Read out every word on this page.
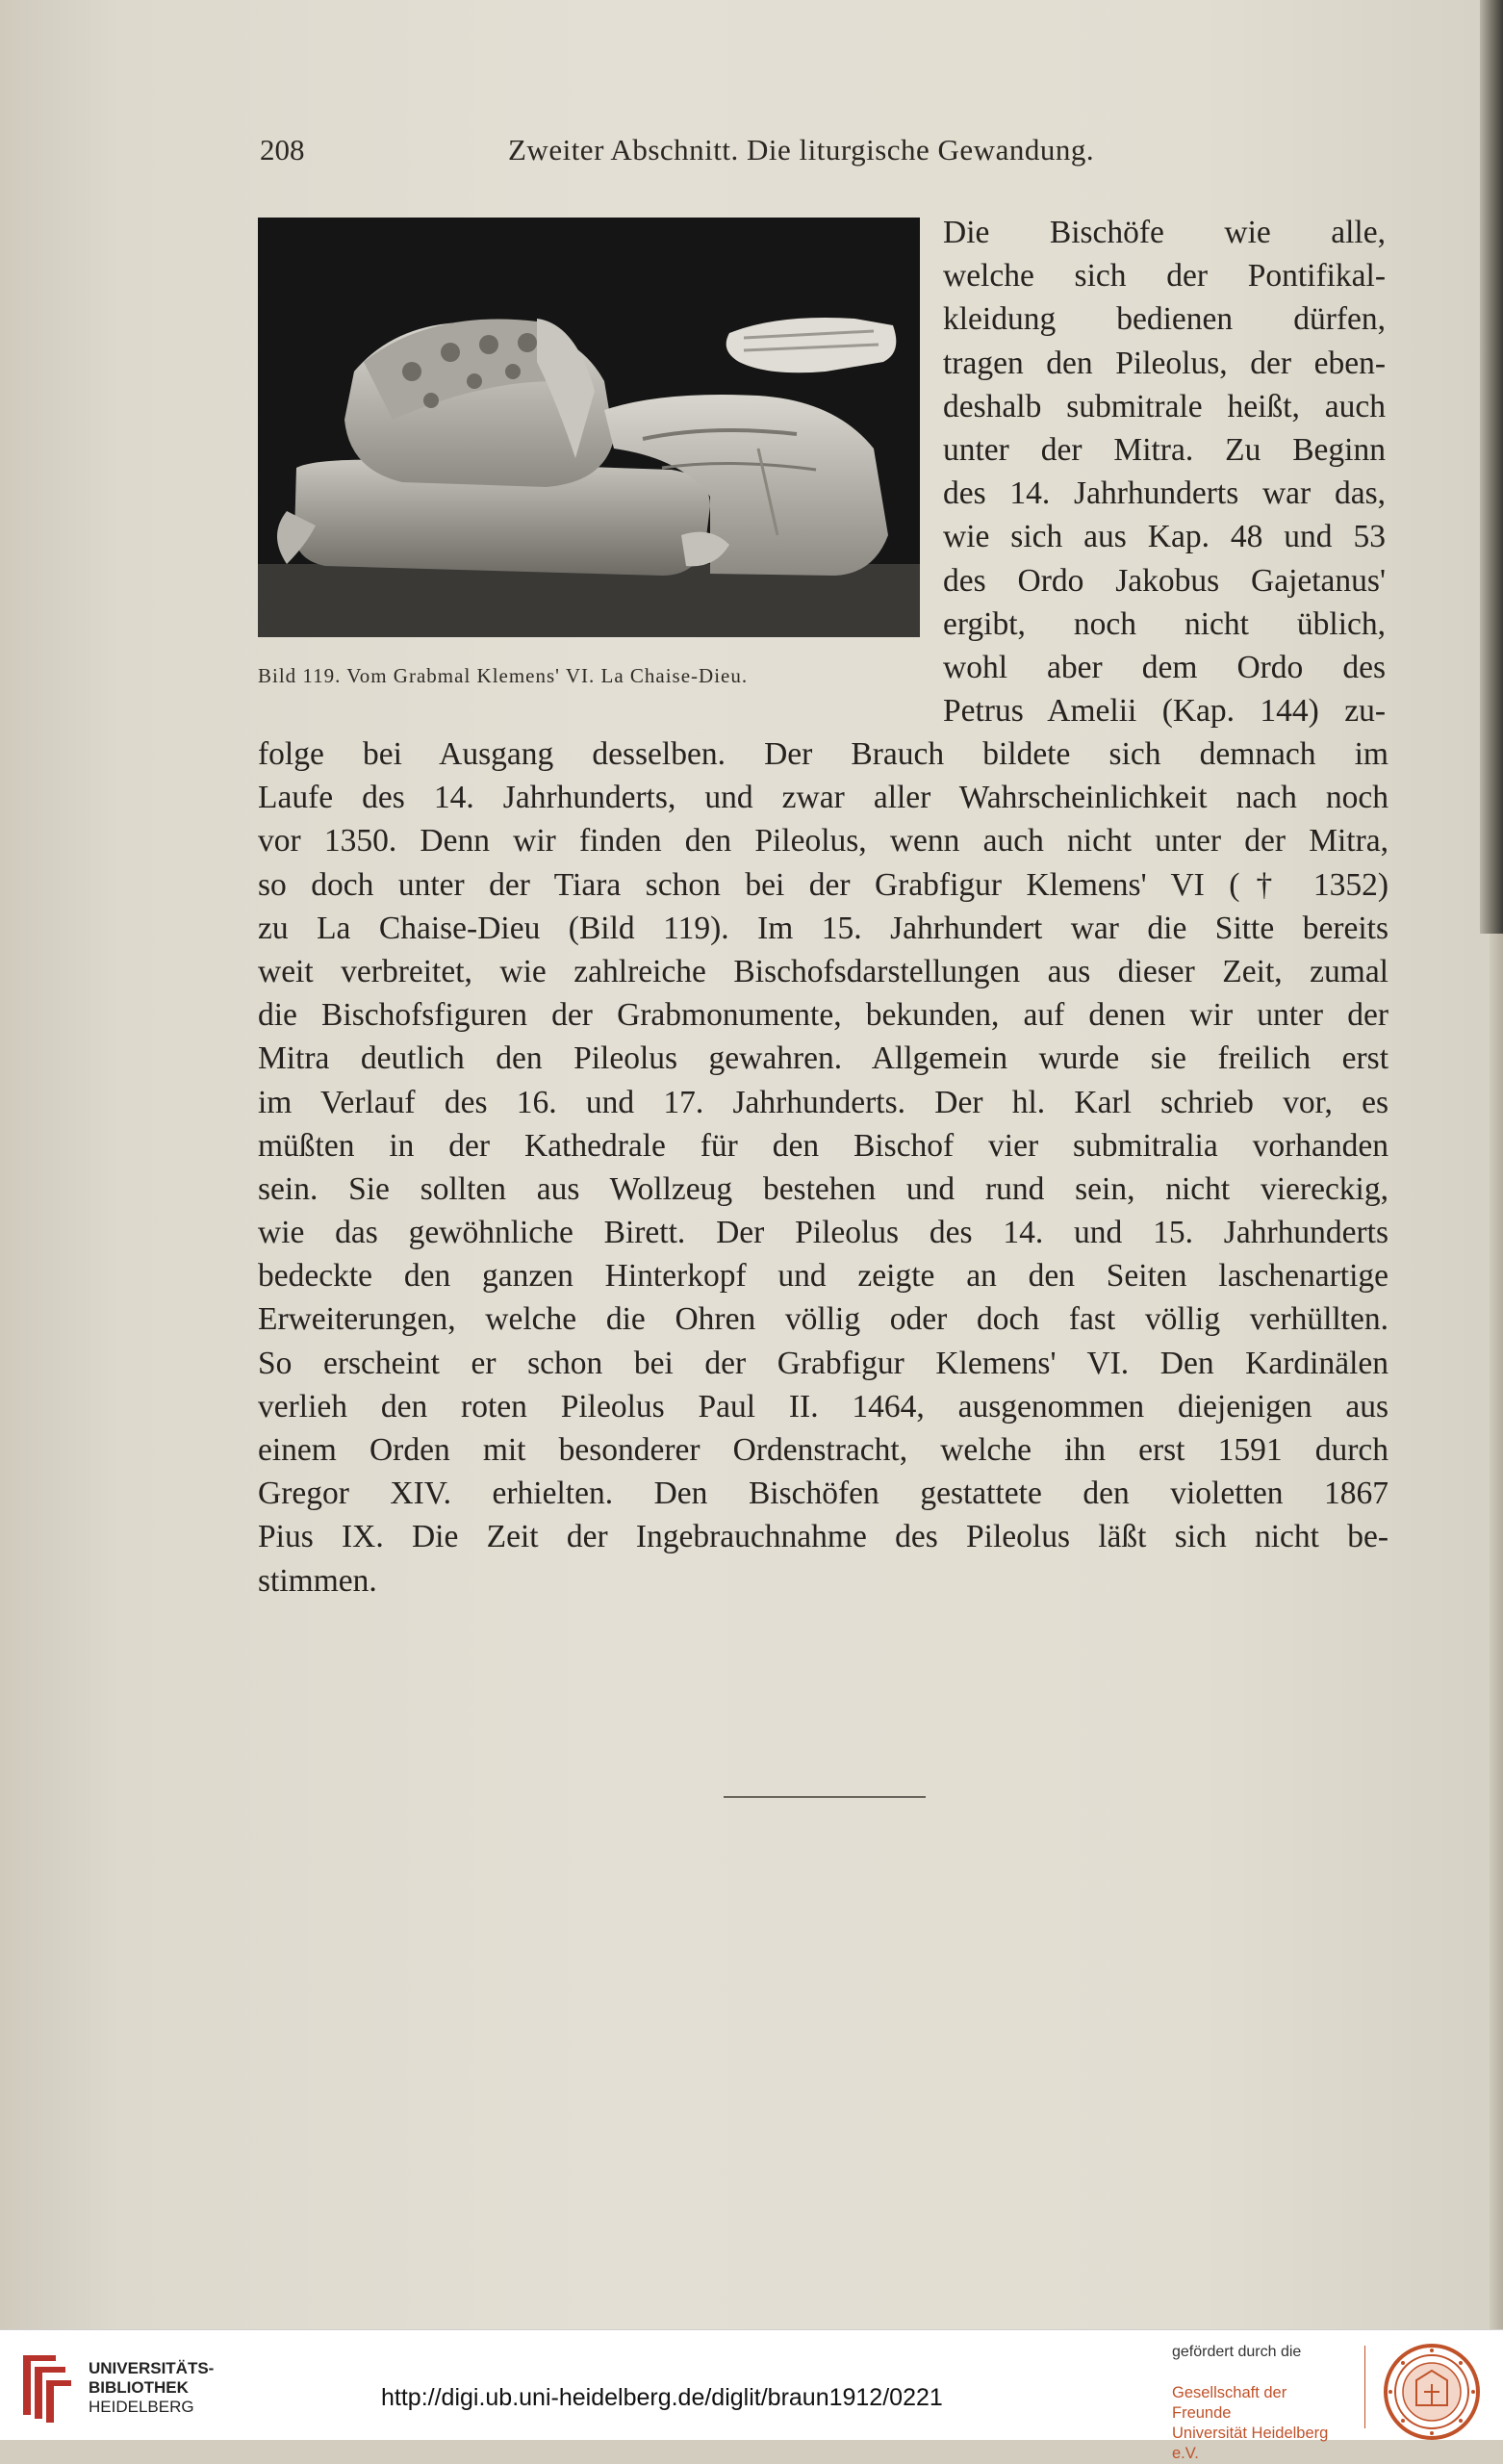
208	Zweiter Abschnitt. Die liturgische Gewandung.
Bild 119. Vom Grabmal Klemens' VI. La Chaise-Dieu.
Die Bischöfe wie alle,
welche sich der Pontifikal-
kleidung bedienen dürfen,
tragen den Pileolus, der eben-
deshalb submitrale heißt, auch
unter der Mitra. Zu Beginn
des 14. Jahrhunderts war das,
wie sich aus Kap. 48 und 53
des Ordo Jakobus Gajetanus'
ergibt, noch nicht üblich,
wohl aber dem Ordo des
Petrus Amelii (Kap. 144) zu-
folge bei Ausgang desselben. Der Brauch bildete sich demnach im
Laufe des 14. Jahrhunderts, und zwar aller Wahrscheinlichkeit nach noch
vor 1350. Denn wir finden den Pileolus, wenn auch nicht unter der Mitra,
so doch unter der Tiara schon bei der Grabfigur Klemens' VI († 1352)
zu La Chaise-Dieu (Bild 119). Im 15. Jahrhundert war die Sitte bereits
weit verbreitet, wie zahlreiche Bischofsdarstellungen aus dieser Zeit, zumal
die Bischofsfiguren der Grabmonumente, bekunden, auf denen wir unter der
Mitra deutlich den Pileolus gewahren. Allgemein wurde sie freilich erst
im Verlauf des 16. und 17. Jahrhunderts. Der hl. Karl schrieb vor, es
müßten in der Kathedrale für den Bischof vier submitralia vorhanden
sein. Sie sollten aus Wollzeug bestehen und rund sein, nicht viereckig,
wie das gewöhnliche Birett. Der Pileolus des 14. und 15. Jahrhunderts
bedeckte den ganzen Hinterkopf und zeigte an den Seiten laschenartige
Erweiterungen, welche die Ohren völlig oder doch fast völlig verhüllten.
So erscheint er schon bei der Grabfigur Klemens' VI. Den Kardinälen
verlieh den roten Pileolus Paul II. 1464, ausgenommen diejenigen aus
einem Orden mit besonderer Ordenstracht, welche ihn erst 1591 durch
Gregor XIV. erhielten. Den Bischöfen gestattete den violetten 1867
Pius IX. Die Zeit der Ingebrauchnahme des Pileolus läßt sich nicht be-
stimmen.
UNIVERSITÄTS-
BIBLIOTHEK
HEIDELBERG	http://digi.ub.uni-heidelberg.de/diglit/braun1912/0221
gefördert durch die
Gesellschaft der Freunde
Universität Heidelberg e.V.
